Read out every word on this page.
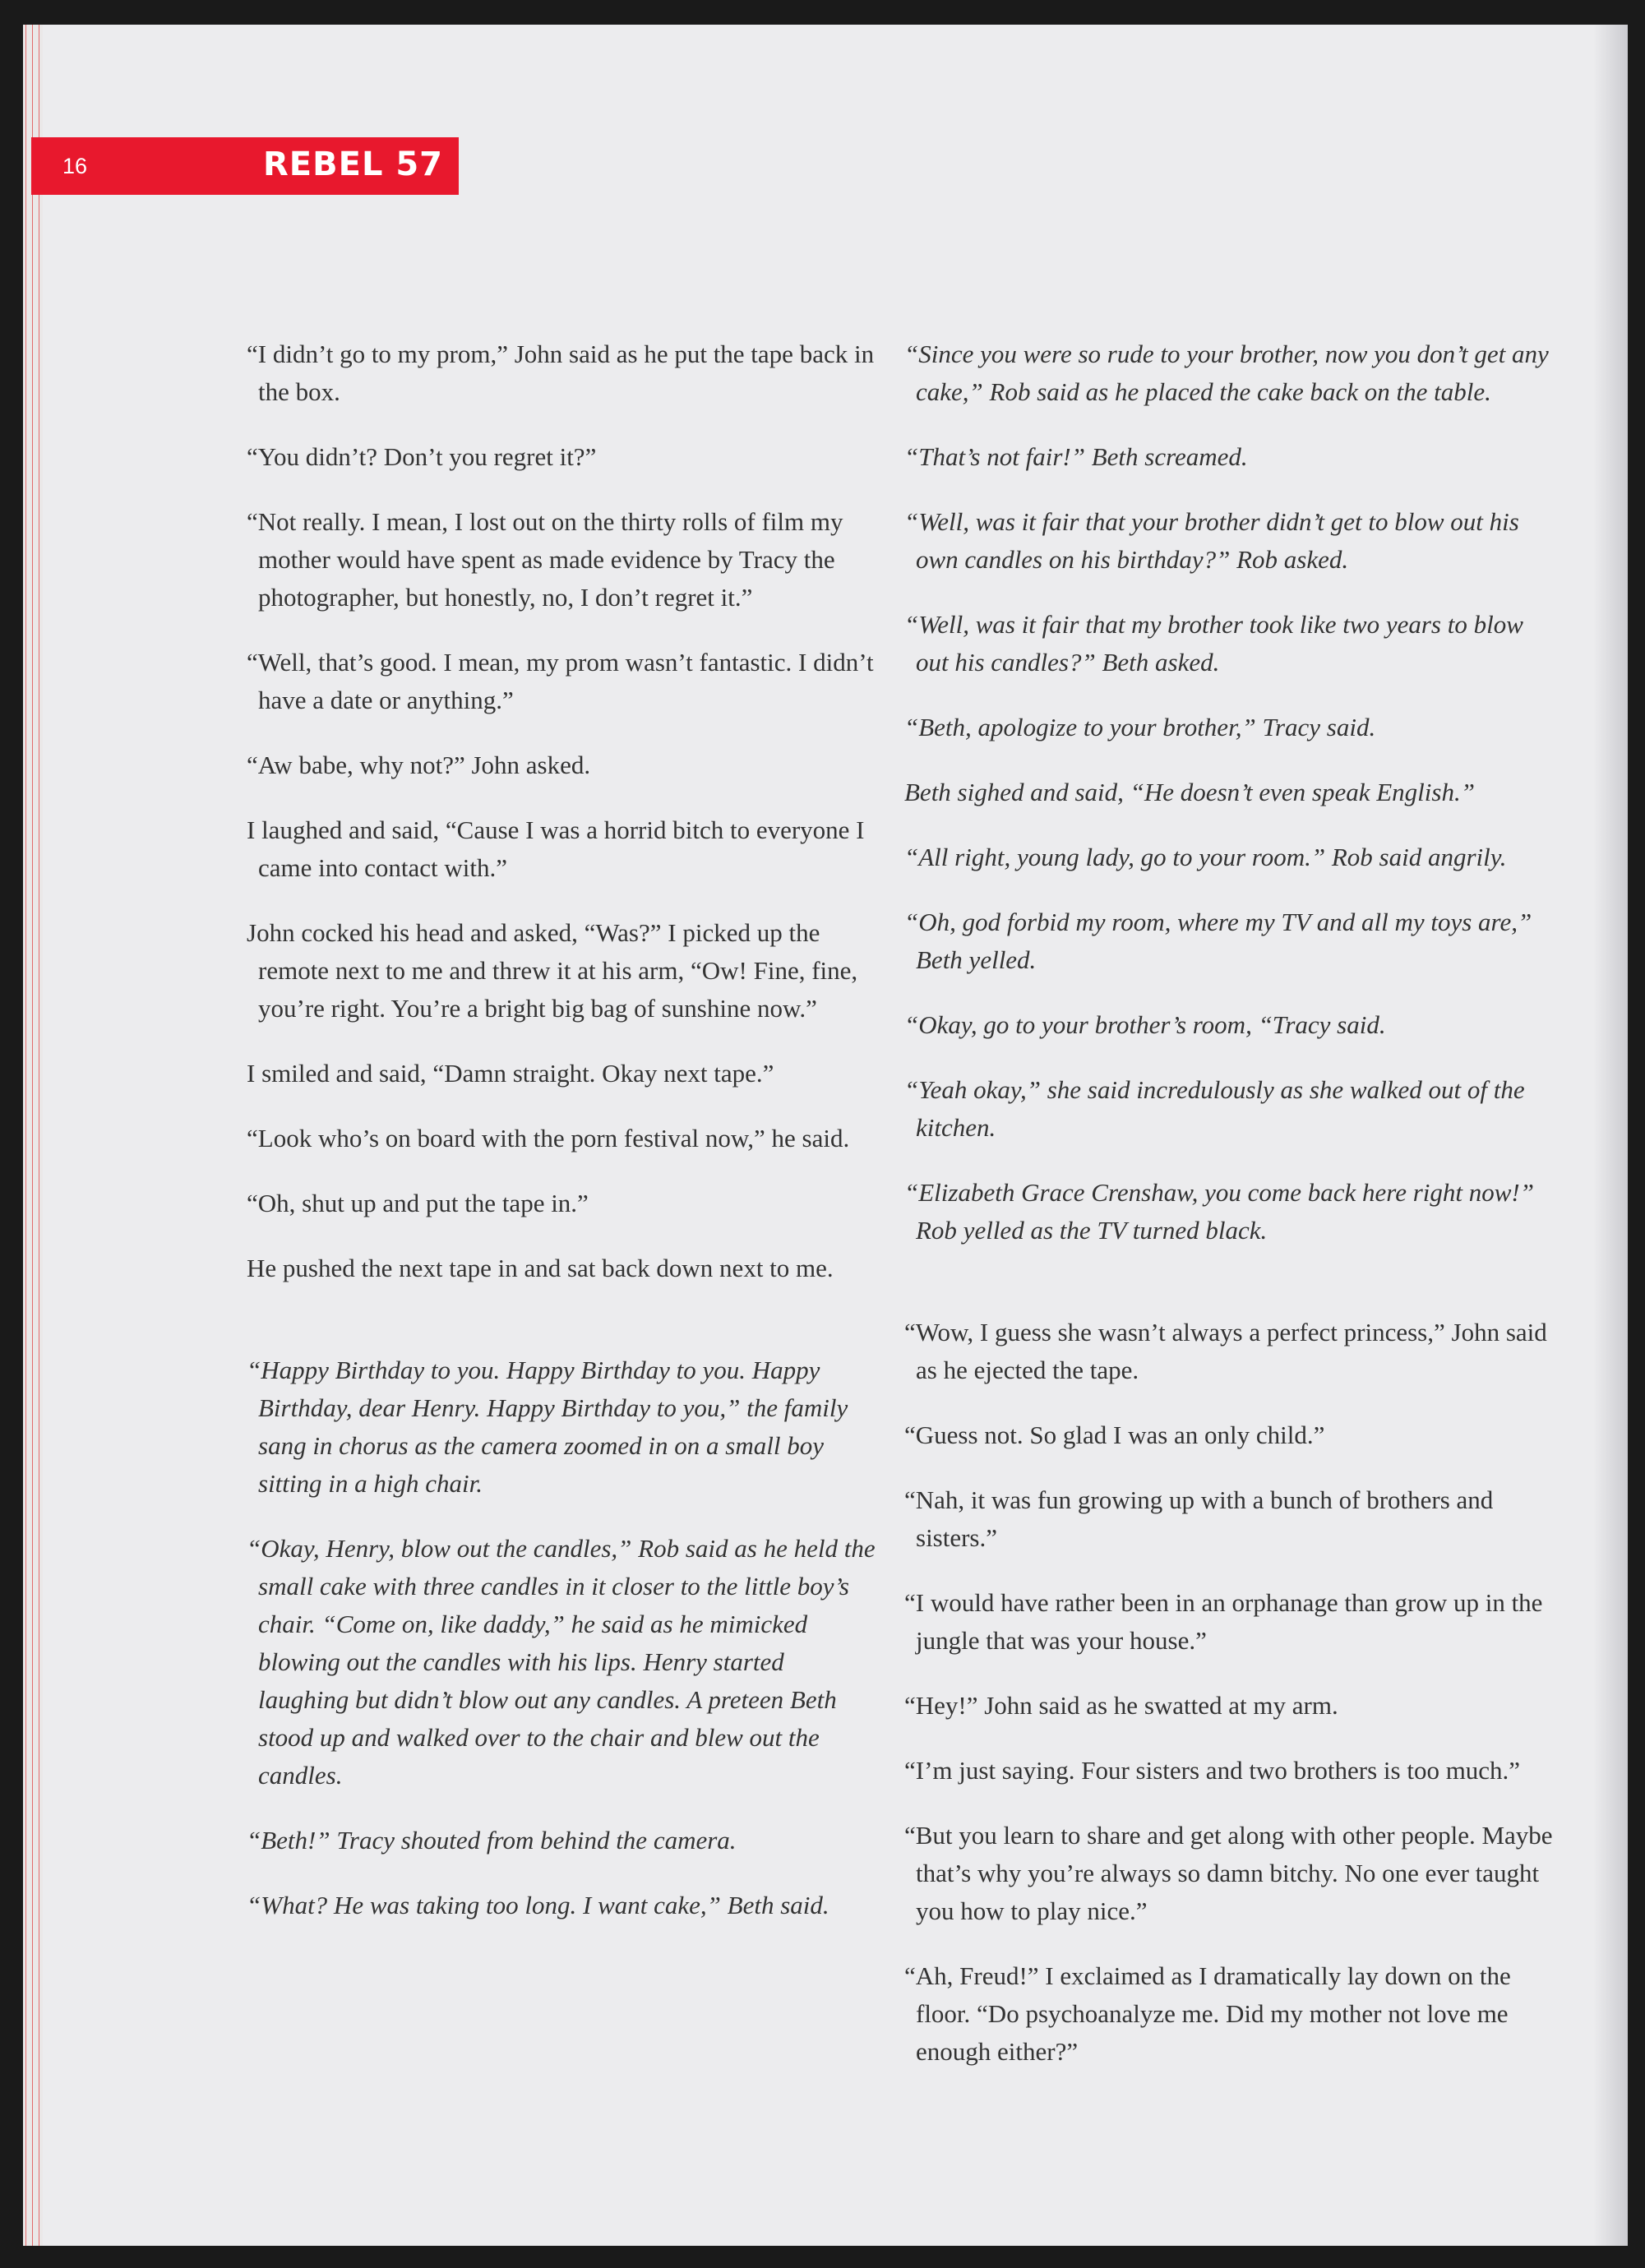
16	REBEL 57

“I didn’t go to my prom,” John said as he put the tape back in the box.

“You didn’t? Don’t you regret it?”

“Not really. I mean, I lost out on the thirty rolls of film my mother would have spent as made evidence by Tracy the photographer, but honestly, no, I don’t regret it.”

“Well, that’s good. I mean, my prom wasn’t fantastic. I didn’t have a date or anything.”

“Aw babe, why not?” John asked.

I laughed and said, “Cause I was a horrid bitch to everyone I came into contact with.”

John cocked his head and asked, “Was?” I picked up the remote next to me and threw it at his arm, “Ow! Fine, fine, you’re right. You’re a bright big bag of sunshine now.”

I smiled and said, “Damn straight. Okay next tape.”

“Look who’s on board with the porn festival now,” he said.

“Oh, shut up and put the tape in.”

He pushed the next tape in and sat back down next to me.

“Happy Birthday to you. Happy Birthday to you. Happy Birthday, dear Henry. Happy Birthday to you,” the family sang in chorus as the camera zoomed in on a small boy sitting in a high chair.

“Okay, Henry, blow out the candles,” Rob said as he held the small cake with three candles in it closer to the little boy’s chair. “Come on, like daddy,” he said as he mimicked blowing out the candles with his lips. Henry started laughing but didn’t blow out any candles. A preteen Beth stood up and walked over to the chair and blew out the candles.

“Beth!” Tracy shouted from behind the camera.

“What? He was taking too long. I want cake,” Beth said.

“Since you were so rude to your brother, now you don’t get any cake,” Rob said as he placed the cake back on the table.

“That’s not fair!” Beth screamed.

“Well, was it fair that your brother didn’t get to blow out his own candles on his birthday?” Rob asked.

“Well, was it fair that my brother took like two years to blow out his candles?” Beth asked.

“Beth, apologize to your brother,” Tracy said.

Beth sighed and said, “He doesn’t even speak English.”

“All right, young lady, go to your room.” Rob said angrily.

“Oh, god forbid my room, where my TV and all my toys are,” Beth yelled.

“Okay, go to your brother’s room, “Tracy said.

“Yeah okay,” she said incredulously as she walked out of the kitchen.

“Elizabeth Grace Crenshaw, you come back here right now!” Rob yelled as the TV turned black.

“Wow, I guess she wasn’t always a perfect princess,” John said as he ejected the tape.

“Guess not. So glad I was an only child.”

“Nah, it was fun growing up with a bunch of brothers and sisters.”

“I would have rather been in an orphanage than grow up in the jungle that was your house.”

“Hey!” John said as he swatted at my arm.

“I’m just saying. Four sisters and two brothers is too much.”

“But you learn to share and get along with other people. Maybe that’s why you’re always so damn bitchy. No one ever taught you how to play nice.”

“Ah, Freud!” I exclaimed as I dramatically lay down on the floor. “Do psychoanalyze me. Did my mother not love me enough either?”
